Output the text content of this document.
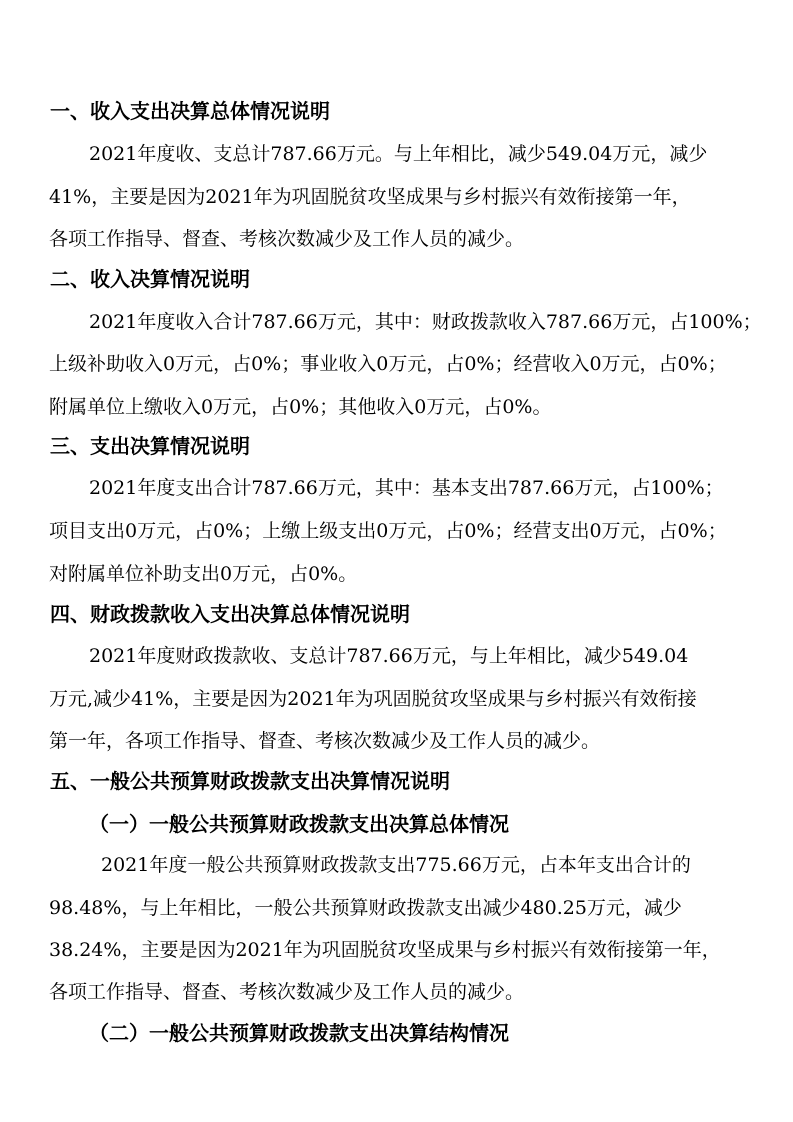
一、收入支出决算总体情况说明
2021年度收、支总计787.66万元。与上年相比，减少549.04万元，减少
41%，主要是因为2021年为巩固脱贫攻坚成果与乡村振兴有效衔接第一年，
各项工作指导、督查、考核次数减少及工作人员的减少。
二、收入决算情况说明
2021年度收入合计787.66万元，其中：财政拨款收入787.66万元，占100%；
上级补助收入0万元，占0%；事业收入0万元，占0%；经营收入0万元，占0%；
附属单位上缴收入0万元，占0%；其他收入0万元，占0%。
三、支出决算情况说明
2021年度支出合计787.66万元，其中：基本支出787.66万元，占100%；
项目支出0万元，占0%；上缴上级支出0万元，占0%；经营支出0万元，占0%；
对附属单位补助支出0万元，占0%。
四、财政拨款收入支出决算总体情况说明
2021年度财政拨款收、支总计787.66万元，与上年相比，减少549.04
万元,减少41%，主要是因为2021年为巩固脱贫攻坚成果与乡村振兴有效衔接
第一年，各项工作指导、督查、考核次数减少及工作人员的减少。
五、一般公共预算财政拨款支出决算情况说明
（一）一般公共预算财政拨款支出决算总体情况
2021年度一般公共预算财政拨款支出775.66万元，占本年支出合计的
98.48%，与上年相比，一般公共预算财政拨款支出减少480.25万元，减少
38.24%，主要是因为2021年为巩固脱贫攻坚成果与乡村振兴有效衔接第一年，
各项工作指导、督查、考核次数减少及工作人员的减少。
（二）一般公共预算财政拨款支出决算结构情况
